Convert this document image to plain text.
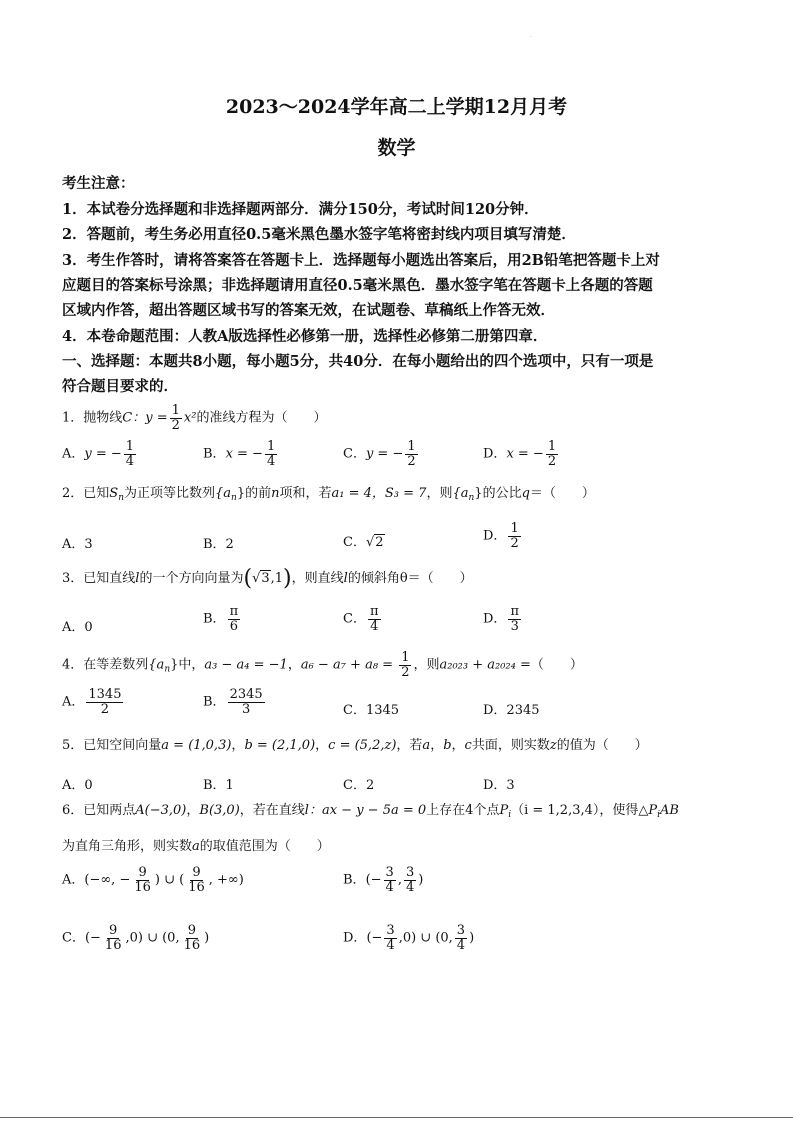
·
2023～2024学年高二上学期12月月考
数学
考生注意：
1．本试卷分选择题和非选择题两部分．满分150分，考试时间120分钟．
2．答题前，考生务必用直径0.5毫米黑色墨水签字笔将密封线内项目填写清楚．
3．考生作答时，请将答案答在答题卡上．选择题每小题选出答案后，用2B铅笔把答题卡上对
应题目的答案标号涂黑；非选择题请用直径0.5毫米黑色．墨水签字笔在答题卡上各题的答题
区域内作答，超出答题区域书写的答案无效，在试题卷、草稿纸上作答无效．
4．本卷命题范围：人教A版选择性必修第一册，选择性必修第二册第四章．
一、选择题：本题共8小题，每小题5分，共40分．在每小题给出的四个选项中，只有一项是
符合题目要求的．
1．抛物线C：$y = \frac{1}{2} x^2$的准线方程为（　　）
A．y = − $\frac{1}{4}$	B．x = − $\frac{1}{4}$	C．y = − $\frac{1}{2}$	D．x = − $\frac{1}{2}$
2．已知$S_n$为正项等比数列$\{a_n\}$的前n项和，若a₁ = 4，S₃ = 7，则$\{a_n\}$的公比q＝（　　）
A．3	B．2	C．√2	D． $\frac{1}{2}$
3．已知直线l的一个方向向量为(√3,1)，则直线l的倾斜角θ＝（　　）
A．0
B． $\frac{\pi}{6}$	C． $\frac{\pi}{4}$	D． $\frac{\pi}{3}$
4．在等差数列$\{a_n\}$中，a₃ − a₄ = −1，$a_6 - a_7 + a_8 = \frac{1}{2}$ ，则a₂₀₂₃ + a₂₀₂₄ =（　　）
A． $\frac{1345}{2}$	B． $\frac{2345}{3}$	C．1345	D．2345
5．已知空间向量a = (1,0,3)，b = (2,1,0)，c = (5,2,z)，若a，b，c共面，则实数z的值为（　　）
A．0	B．1	C．2	D．3
6．已知两点A(−3,0)，B(3,0)，若在直线l：ax − y − 5a = 0上存在4个点$P_i(i = 1,2,3,4)$，使得$\triangle P_iAB$
为直角三角形，则实数a的取值范围为（　　）
A．(−∞, − $\frac{9}{16}$ ) ∪ ( $\frac{9}{16}$ , +∞)	B．(− $\frac{3}{4}$ , $\frac{3}{4}$ )
C．(− $\frac{9}{16} ,0$) ∪ (0, $\frac{9}{16}$ )	D．(− $\frac{3}{4} ,0$) ∪ (0, $\frac{3}{4}$ )
